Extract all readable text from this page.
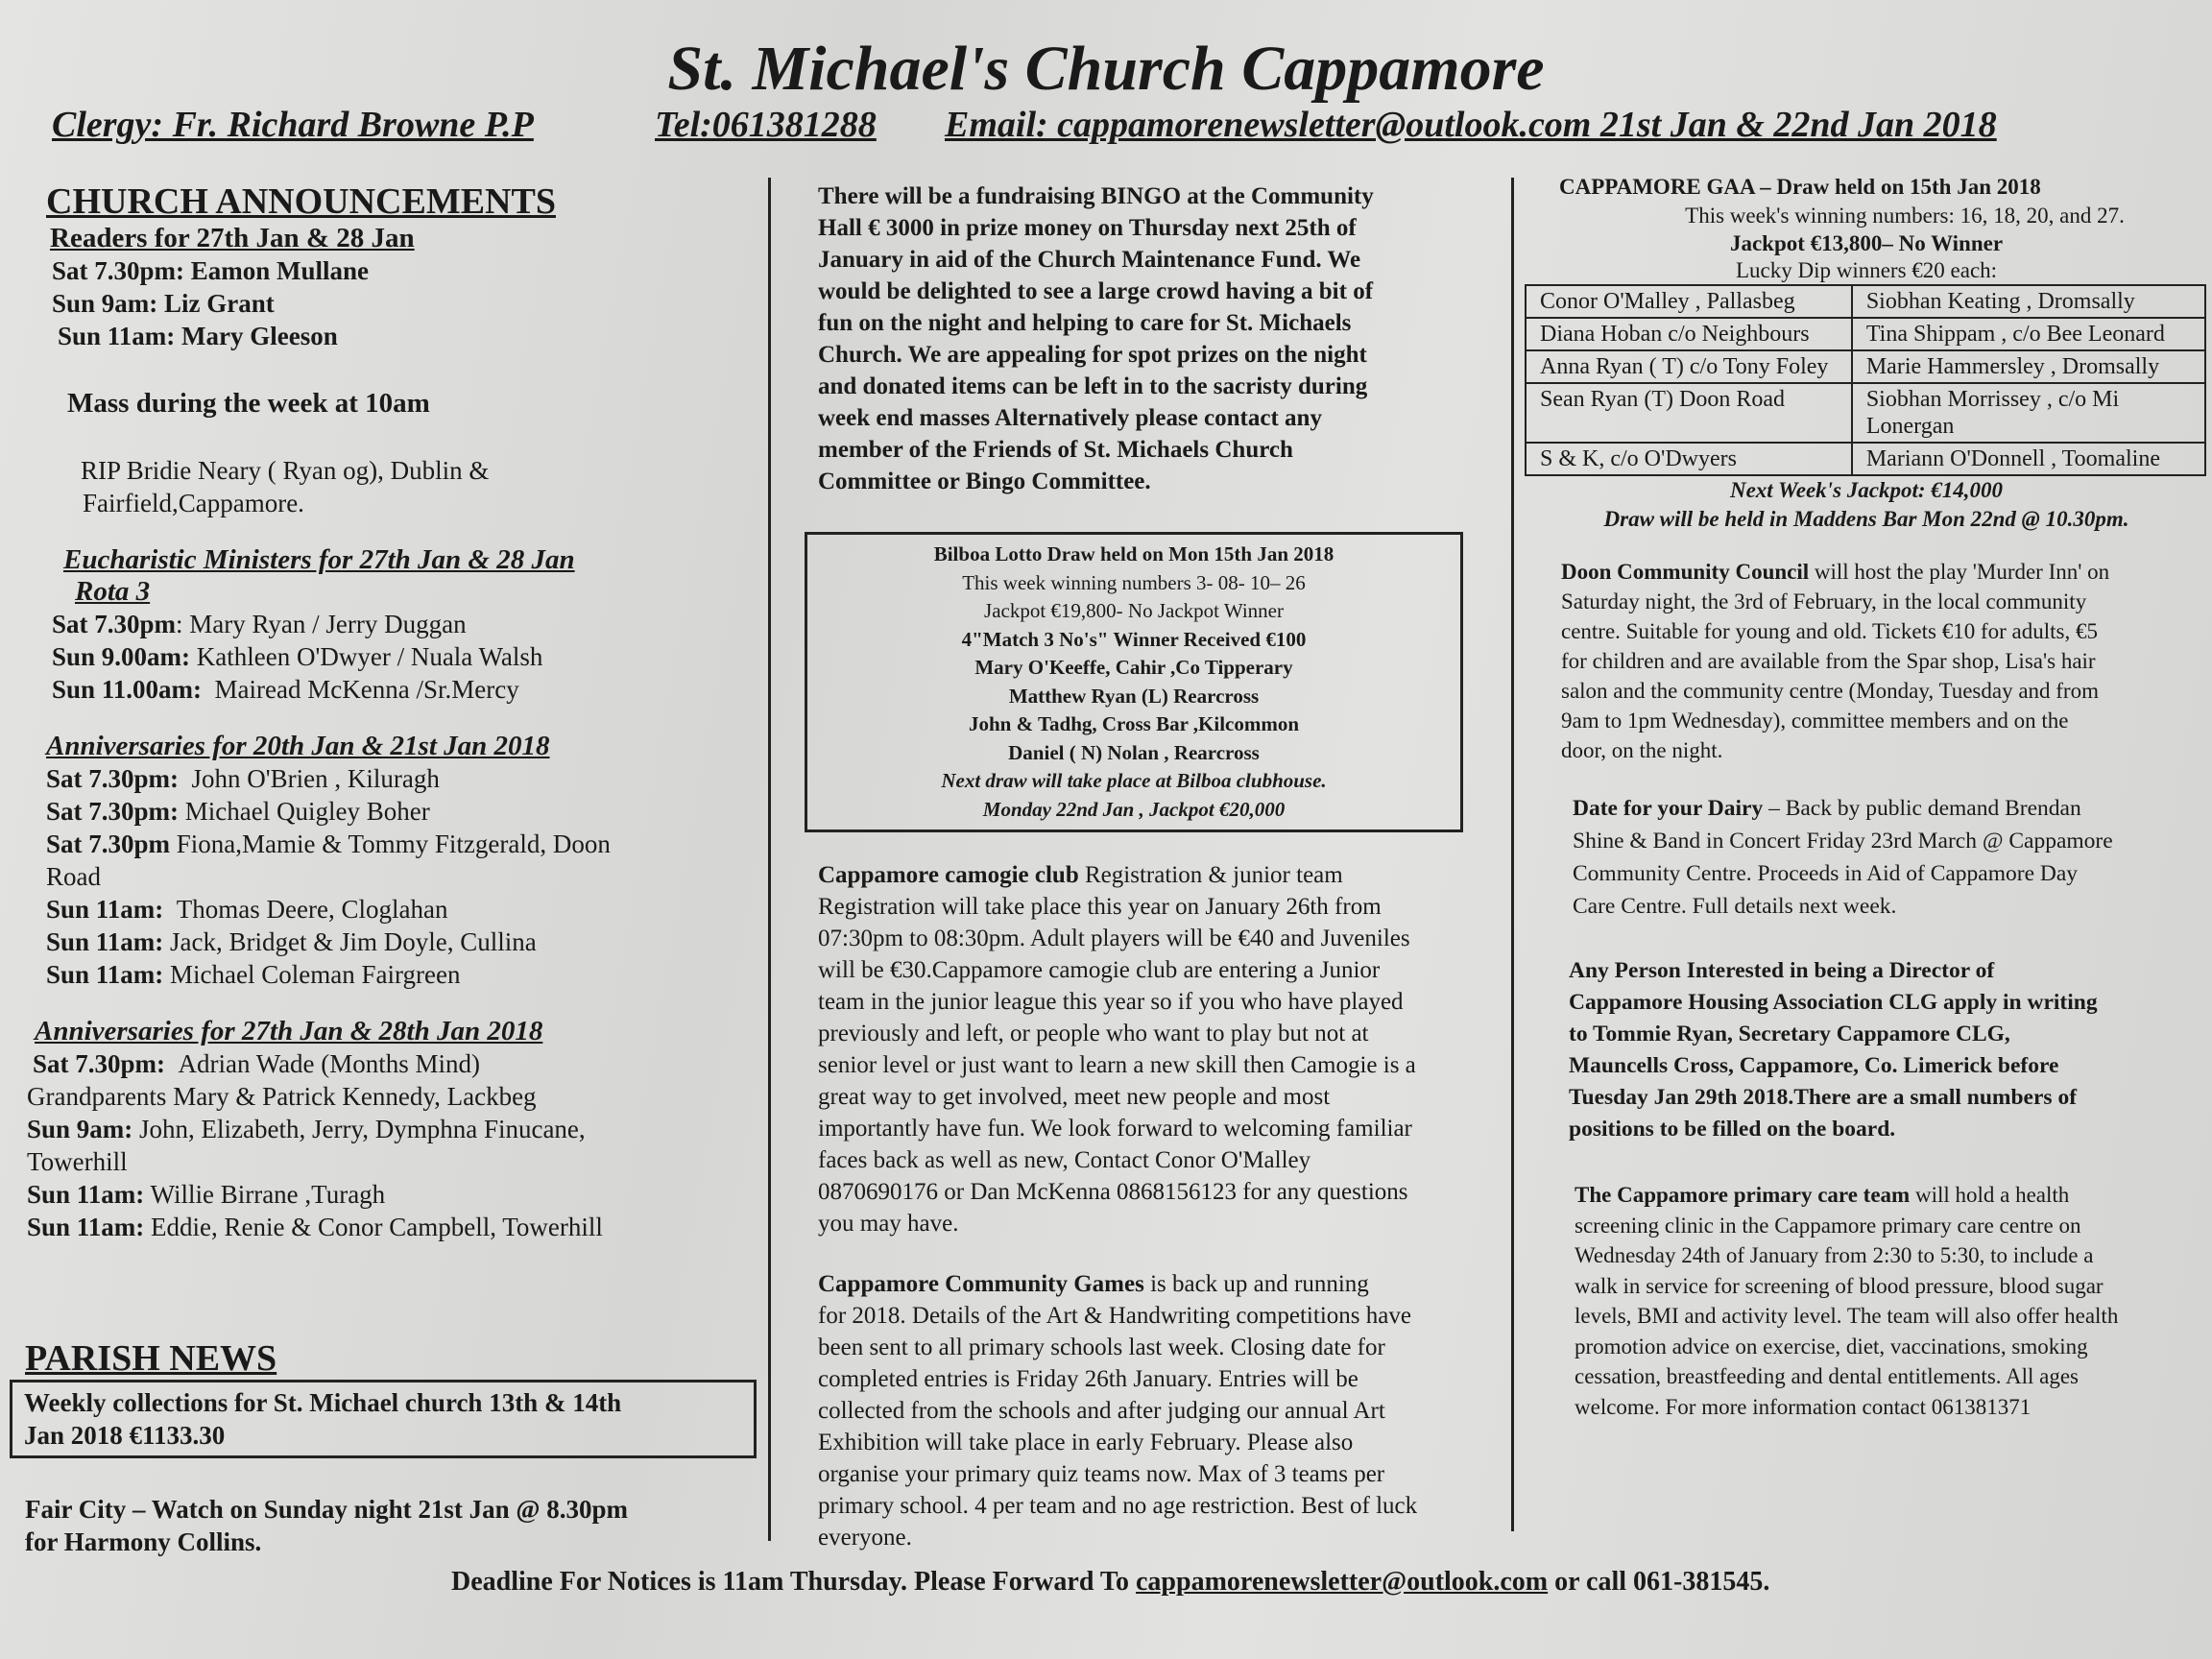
St. Michael's Church Cappamore
Clergy: Fr. Richard Browne P.P	Tel:061381288 Email: cappamorenewsletter@outlook.com 21st Jan & 22nd Jan 2018
CHURCH ANNOUNCEMENTS
Readers for 27th Jan & 28 Jan
Sat 7.30pm: Eamon Mullane
Sun 9am: Liz Grant
Sun 11am: Mary Gleeson
Mass during the week at 10am
RIP Bridie Neary ( Ryan og), Dublin &
Fairfield,Cappamore.
Eucharistic Ministers for 27th Jan & 28 Jan
Rota 3
Sat 7.30pm: Mary Ryan / Jerry Duggan
Sun 9.00am: Kathleen O'Dwyer / Nuala Walsh
Sun 11.00am: Mairead McKenna /Sr.Mercy
Anniversaries for 20th Jan & 21st Jan 2018
Sat 7.30pm: John O'Brien , Kiluragh
Sat 7.30pm: Michael Quigley Boher
Sat 7.30pm Fiona,Mamie & Tommy Fitzgerald, Doon
Road
Sun 11am: Thomas Deere, Cloglahan
Sun 11am: Jack, Bridget & Jim Doyle, Cullina
Sun 11am: Michael Coleman Fairgreen
Anniversaries for 27th Jan & 28th Jan 2018
Sat 7.30pm: Adrian Wade (Months Mind)
Grandparents Mary & Patrick Kennedy, Lackbeg
Sun 9am: John, Elizabeth, Jerry, Dymphna Finucane,
Towerhill
Sun 11am: Willie Birrane ,Turagh
Sun 11am: Eddie, Renie & Conor Campbell, Towerhill
PARISH NEWS
Weekly collections for St. Michael church 13th & 14th
Jan 2018 €1133.30
Fair City – Watch on Sunday night 21st Jan @ 8.30pm
for Harmony Collins.
There will be a fundraising BINGO at the Community
Hall € 3000 in prize money on Thursday next 25th of
January in aid of the Church Maintenance Fund. We
would be delighted to see a large crowd having a bit of
fun on the night and helping to care for St. Michaels
Church. We are appealing for spot prizes on the night
and donated items can be left in to the sacristy during
week end masses Alternatively please contact any
member of the Friends of St. Michaels Church
Committee or Bingo Committee.
Bilboa Lotto Draw held on Mon 15th Jan 2018
This week winning numbers 3- 08- 10– 26
Jackpot €19,800- No Jackpot Winner
4"Match 3 No's" Winner Received €100
Mary O'Keeffe, Cahir ,Co Tipperary
Matthew Ryan (L) Rearcross
John & Tadhg, Cross Bar ,Kilcommon
Daniel ( N) Nolan , Rearcross
Next draw will take place at Bilboa clubhouse.
Monday 22nd Jan , Jackpot €20,000
Cappamore camogie club Registration & junior team
Registration will take place this year on January 26th from
07:30pm to 08:30pm. Adult players will be €40 and Juveniles
will be €30.Cappamore camogie club are entering a Junior
team in the junior league this year so if you who have played
previously and left, or people who want to play but not at
senior level or just want to learn a new skill then Camogie is a
great way to get involved, meet new people and most
importantly have fun. We look forward to welcoming familiar
faces back as well as new, Contact Conor O'Malley
0870690176 or Dan McKenna 0868156123 for any questions
you may have.
Cappamore Community Games is back up and running
for 2018. Details of the Art & Handwriting competitions have
been sent to all primary schools last week. Closing date for
completed entries is Friday 26th January. Entries will be
collected from the schools and after judging our annual Art
Exhibition will take place in early February. Please also
organise your primary quiz teams now. Max of 3 teams per
primary school. 4 per team and no age restriction. Best of luck
everyone.
CAPPAMORE GAA – Draw held on 15th Jan 2018
This week's winning numbers: 16, 18, 20, and 27.
Jackpot €13,800– No Winner
Lucky Dip winners €20 each:
Conor O'Malley , Pallasbeg	Siobhan Keating , Dromsally
Diana Hoban c/o Neighbours	Tina Shippam , c/o Bee Leonard
Anna Ryan ( T) c/o Tony Foley	Marie Hammersley , Dromsally
Sean Ryan (T) Doon Road	Siobhan Morrissey , c/o Mi Lonergan
S & K, c/o O'Dwyers	Mariann O'Donnell , Toomaline
Next Week's Jackpot: €14,000
Draw will be held in Maddens Bar Mon 22nd @ 10.30pm.
Doon Community Council will host the play 'Murder Inn' on
Saturday night, the 3rd of February, in the local community
centre. Suitable for young and old. Tickets €10 for adults, €5
for children and are available from the Spar shop, Lisa's hair
salon and the community centre (Monday, Tuesday and from
9am to 1pm Wednesday), committee members and on the
door, on the night.
Date for your Dairy – Back by public demand Brendan
Shine & Band in Concert Friday 23rd March @ Cappamore
Community Centre. Proceeds in Aid of Cappamore Day
Care Centre. Full details next week.
Any Person Interested in being a Director of
Cappamore Housing Association CLG apply in writing
to Tommie Ryan, Secretary Cappamore CLG,
Mauncells Cross, Cappamore, Co. Limerick before
Tuesday Jan 29th 2018.There are a small numbers of
positions to be filled on the board.
The Cappamore primary care team will hold a health
screening clinic in the Cappamore primary care centre on
Wednesday 24th of January from 2:30 to 5:30, to include a
walk in service for screening of blood pressure, blood sugar
levels, BMI and activity level. The team will also offer health
promotion advice on exercise, diet, vaccinations, smoking
cessation, breastfeeding and dental entitlements. All ages
welcome. For more information contact 061381371
Deadline For Notices is 11am Thursday. Please Forward To cappamorenewsletter@outlook.com or call 061-381545.
